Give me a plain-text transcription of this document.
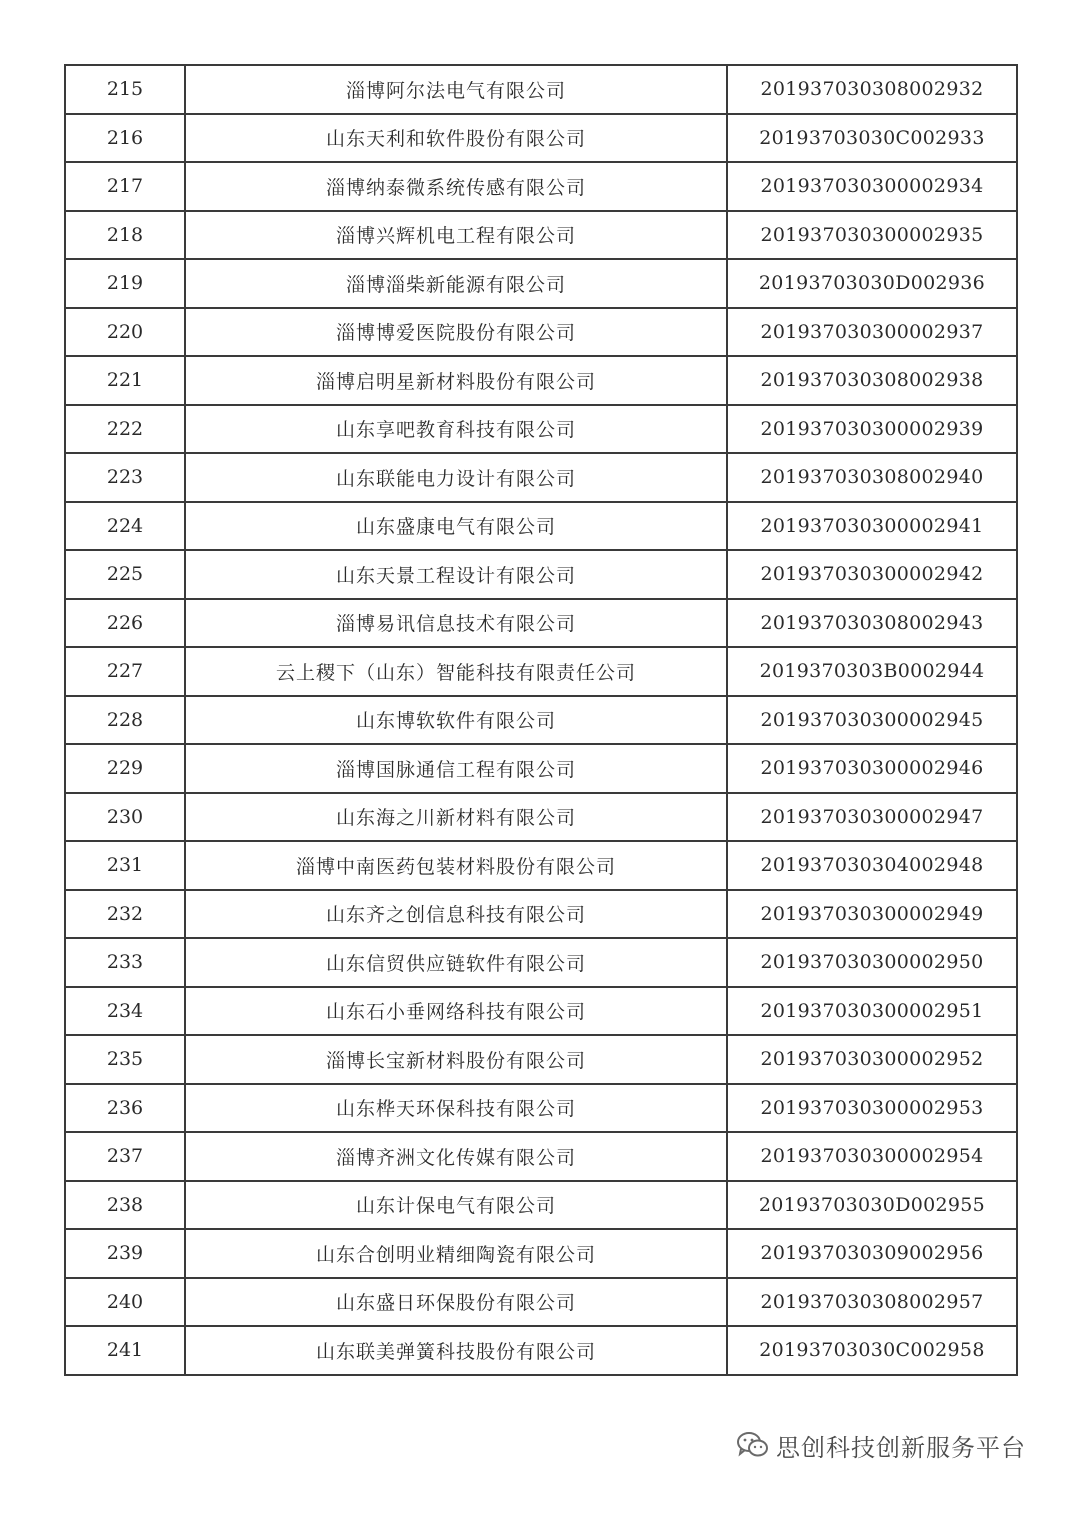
215	淄博阿尔法电气有限公司	201937030308002932
216	山东天利和软件股份有限公司	20193703030C002933
217	淄博纳泰微系统传感有限公司	201937030300002934
218	淄博兴辉机电工程有限公司	201937030300002935
219	淄博淄柴新能源有限公司	20193703030D002936
220	淄博博爱医院股份有限公司	201937030300002937
221	淄博启明星新材料股份有限公司	201937030308002938
222	山东享吧教育科技有限公司	201937030300002939
223	山东联能电力设计有限公司	201937030308002940
224	山东盛康电气有限公司	201937030300002941
225	山东天景工程设计有限公司	201937030300002942
226	淄博易讯信息技术有限公司	201937030308002943
227	云上稷下（山东）智能科技有限责任公司	2019370303B0002944
228	山东博软软件有限公司	201937030300002945
229	淄博国脉通信工程有限公司	201937030300002946
230	山东海之川新材料有限公司	201937030300002947
231	淄博中南医药包装材料股份有限公司	201937030304002948
232	山东齐之创信息科技有限公司	201937030300002949
233	山东信贸供应链软件有限公司	201937030300002950
234	山东石小垂网络科技有限公司	201937030300002951
235	淄博长宝新材料股份有限公司	201937030300002952
236	山东桦天环保科技有限公司	201937030300002953
237	淄博齐洲文化传媒有限公司	201937030300002954
238	山东计保电气有限公司	20193703030D002955
239	山东合创明业精细陶瓷有限公司	201937030309002956
240	山东盛日环保股份有限公司	201937030308002957
241	山东联美弹簧科技股份有限公司	20193703030C002958
思创科技创新服务平台
